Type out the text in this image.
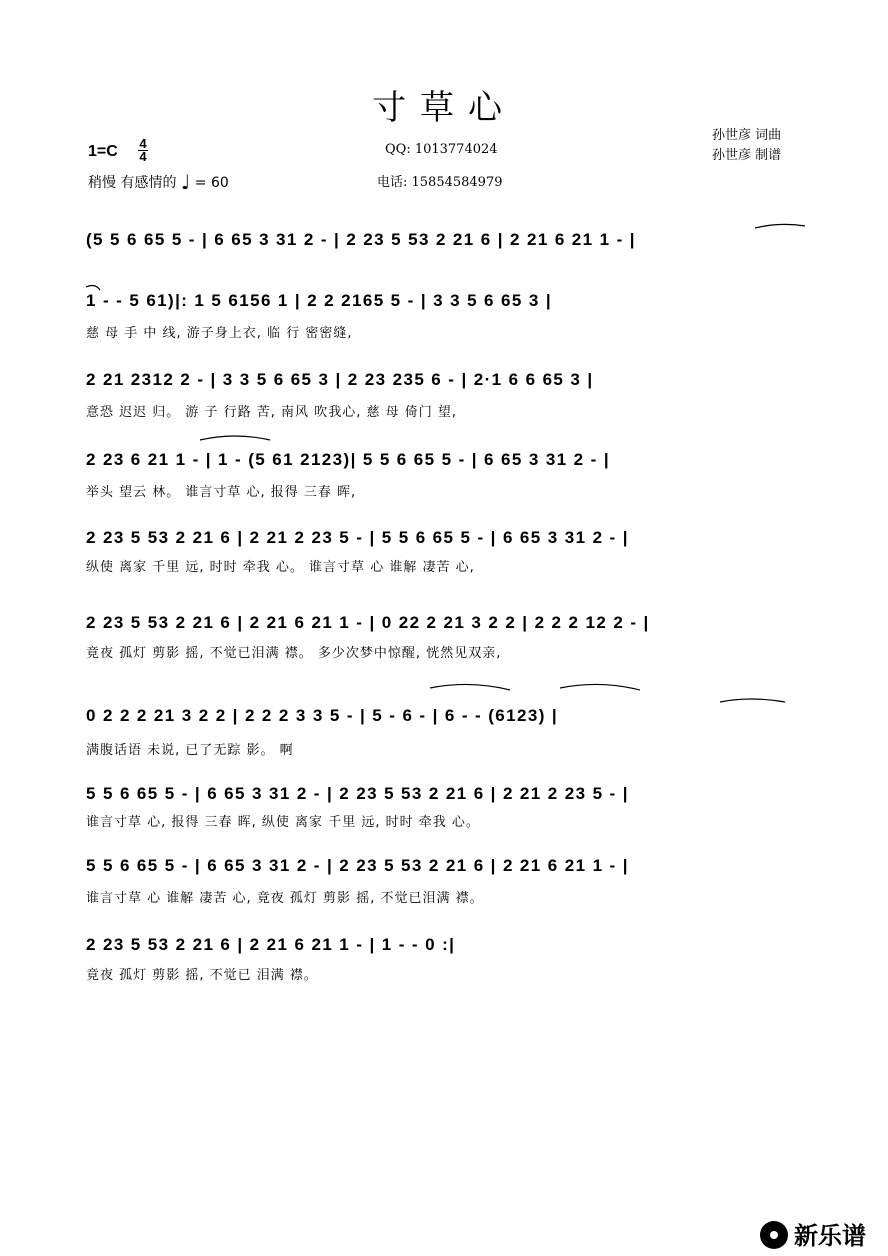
寸草心
1=C 4
4
稍慢 有感情的 ♩ = 60
QQ: 1013774024
电话: 15854584979
孙世彦 词曲
孙世彦 制谱
(5 5 6 65 5 - | 6 65 3 31 2 - | 2 23 5 53 2 21 6 | 2 21 6 21 1 - |
1 - - 5 61)|: 1 5 6156 1 | 2 2 2165 5 - | 3 3 5 6 65 3 |
慈 母 手 中 线, 游子身上衣, 临 行 密密缝,
2 21 2312 2 - | 3 3 5 6 65 3 | 2 23 235 6 - | 2·1 6 6 65 3 |
意恐 迟迟 归。 游 子 行路 苦, 南风 吹我心, 慈 母 倚门 望,
2 23 6 21 1 - | 1 - (5 61 2123)| 5 5 6 65 5 - | 6 65 3 31 2 - |
举头 望云 林。 谁言寸草 心, 报得 三春 晖,
2 23 5 53 2 21 6 | 2 21 2 23 5 - | 5 5 6 65 5 - | 6 65 3 31 2 - |
纵使 离家 千里 远, 时时 牵我 心。 谁言寸草 心 谁解 凄苦 心,
2 23 5 53 2 21 6 | 2 21 6 21 1 - | 0 22 2 21 3 2 2 | 2 2 2 12 2 - |
竟夜 孤灯 剪影 摇, 不觉已泪满 襟。 多少次梦中惊醒, 恍然见双亲,
0 2 2 2 21 3 2 2 | 2 2 2 3 3 5 - | 5 - 6 - | 6 - - (6123) |
满腹话语 未说, 已了无踪 影。 啊
5 5 6 65 5 - | 6 65 3 31 2 - | 2 23 5 53 2 21 6 | 2 21 2 23 5 - |
谁言寸草 心, 报得 三春 晖, 纵使 离家 千里 远, 时时 牵我 心。
5 5 6 65 5 - | 6 65 3 31 2 - | 2 23 5 53 2 21 6 | 2 21 6 21 1 - |
谁言寸草 心 谁解 凄苦 心, 竟夜 孤灯 剪影 摇, 不觉已泪满 襟。
2 23 5 53 2 21 6 | 2 21 6 21 1 - | 1 - - 0 :|
竟夜 孤灯 剪影 摇, 不觉已 泪满 襟。
新乐谱
